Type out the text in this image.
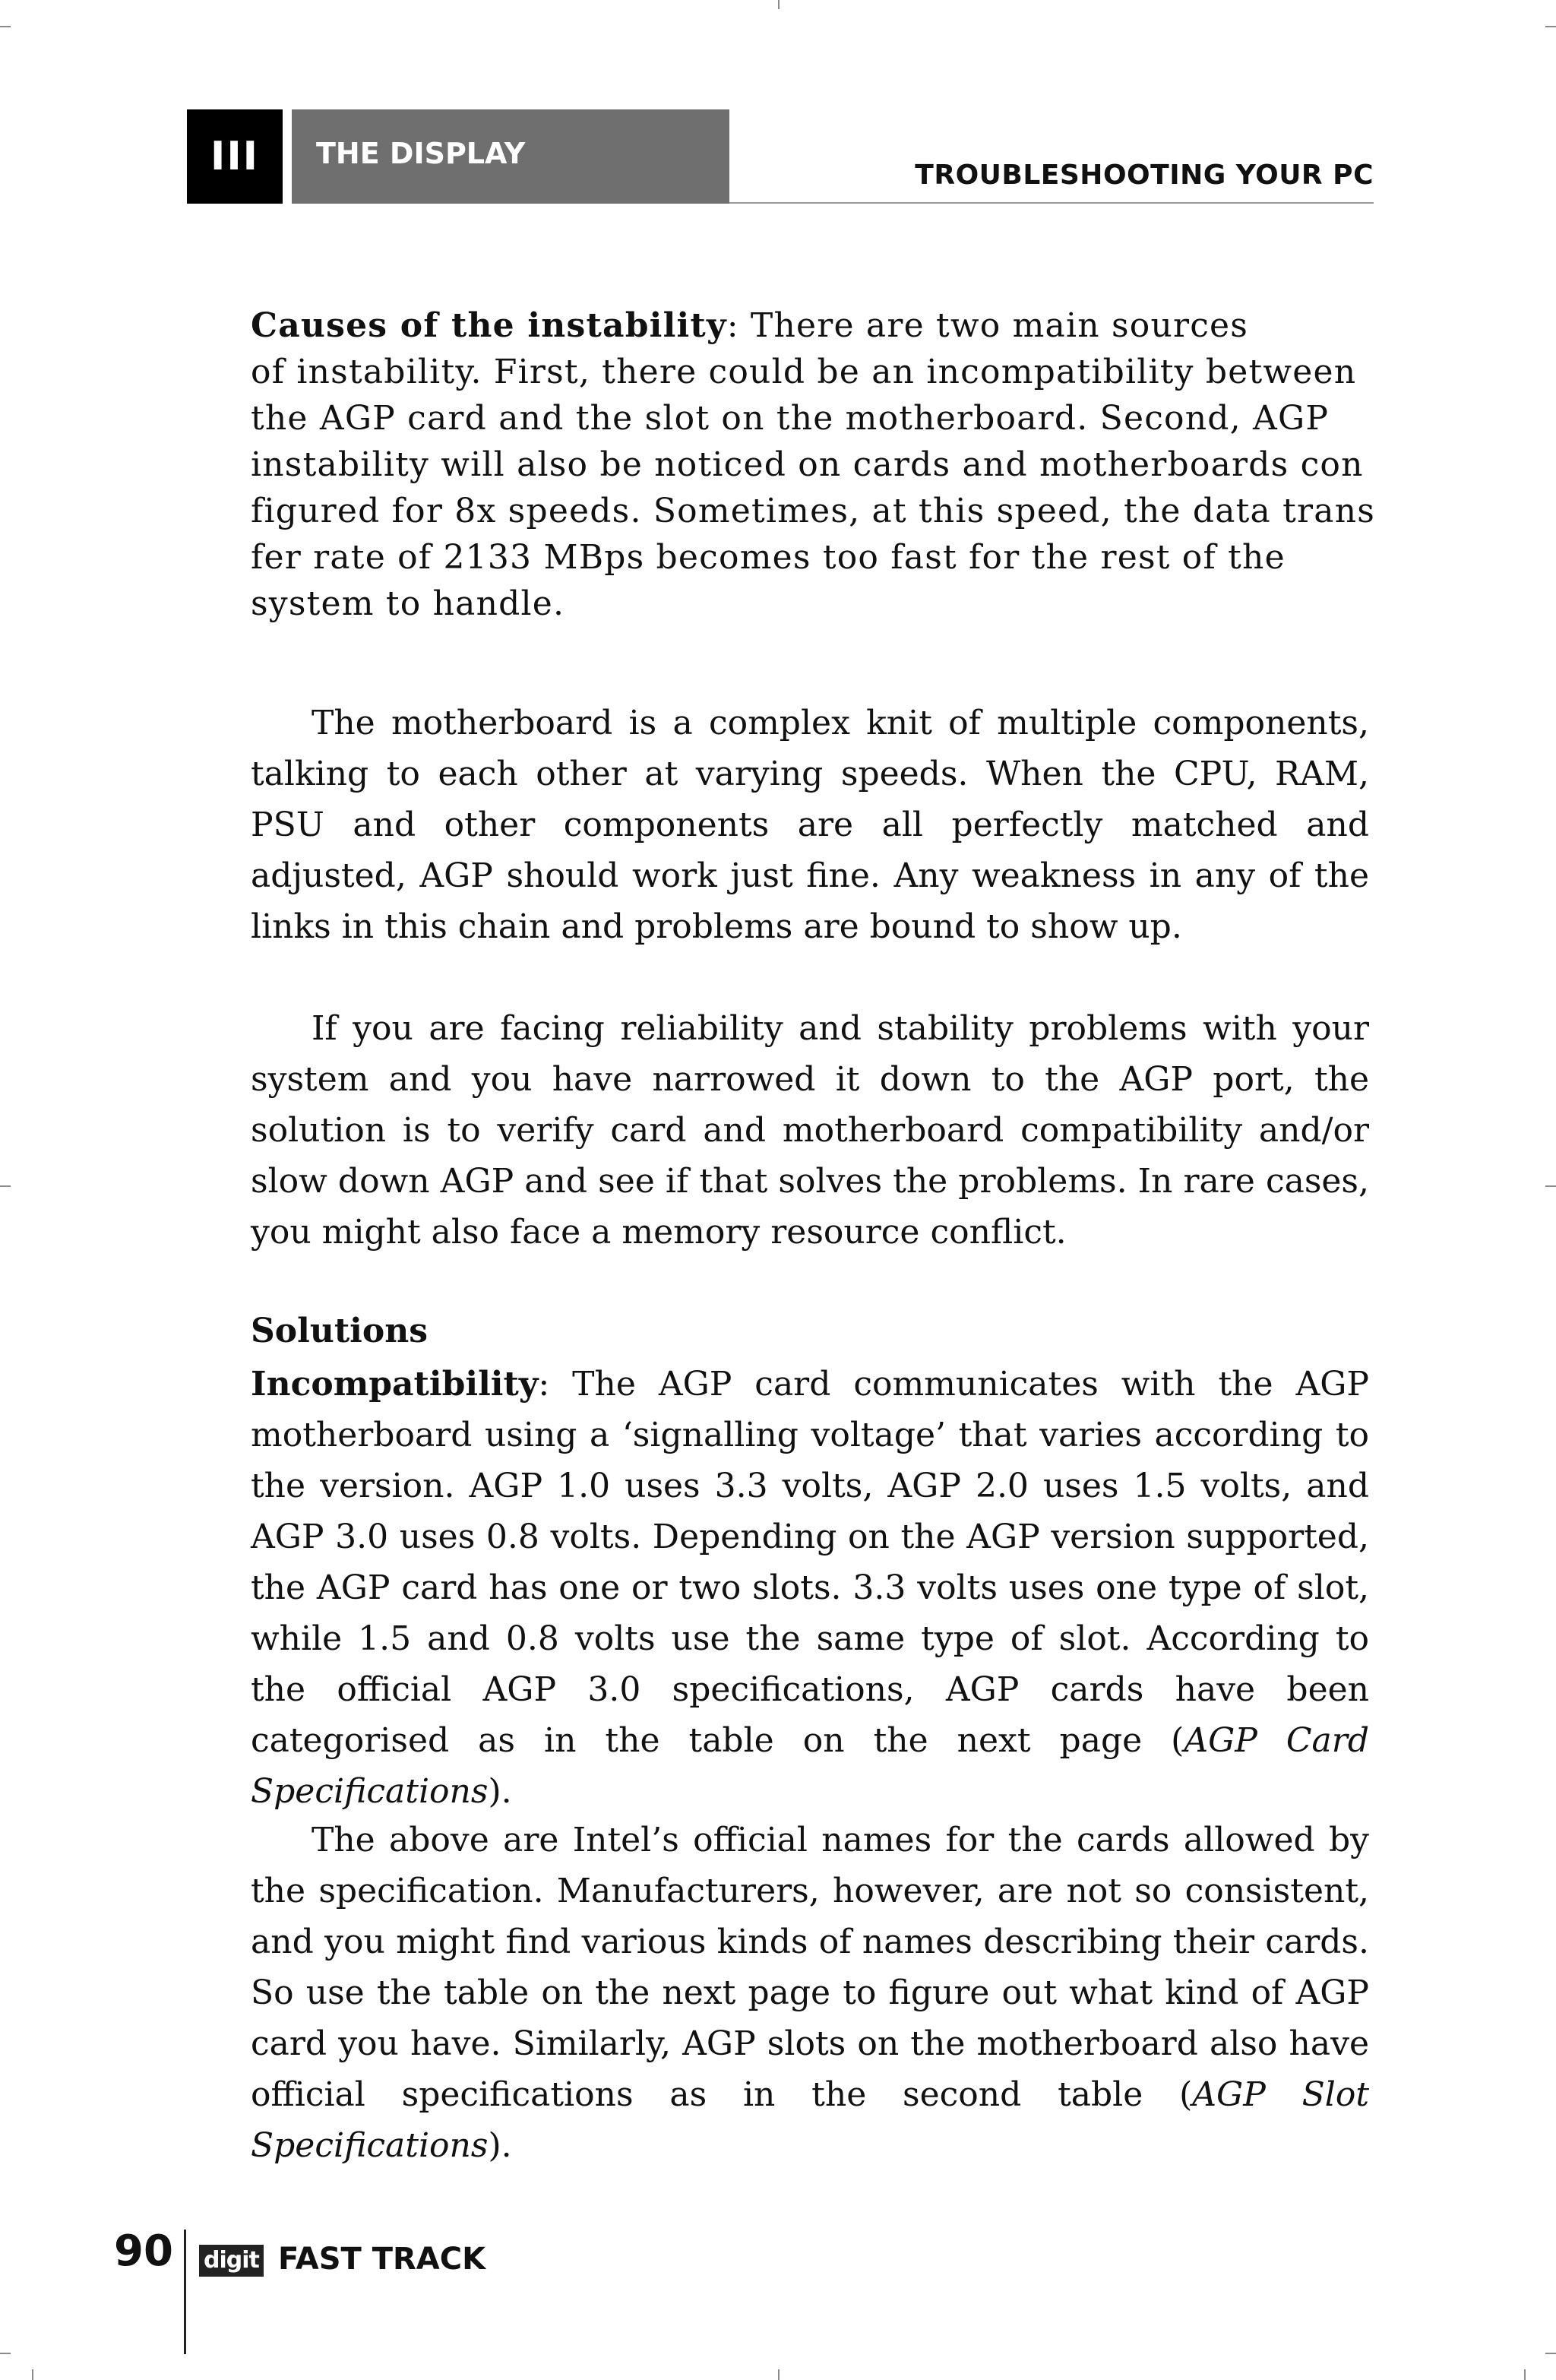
III	THE DISPLAY
TROUBLESHOOTING YOUR PC
Causes of the instability: There are two main sources
of instability. First, there could be an incompatibility between
the AGP card and the slot on the motherboard. Second, AGP
instability will also be noticed on cards and motherboards con
figured for 8x speeds. Sometimes, at this speed, the data trans
fer rate of 2133 MBps becomes too fast for the rest of the
system to handle.
The motherboard is a complex knit of multiple components, talking to each other at varying speeds. When the CPU, RAM, PSU and other components are all perfectly matched and adjusted, AGP should work just fine. Any weakness in any of the links in this chain and problems are bound to show up.
If you are facing reliability and stability problems with your system and you have narrowed it down to the AGP port, the solution is to verify card and motherboard compatibility and/or slow down AGP and see if that solves the problems. In rare cases, you might also face a memory resource conflict.
Solutions
Incompatibility: The AGP card communicates with the AGP motherboard using a ‘signalling voltage’ that varies according to the version. AGP 1.0 uses 3.3 volts, AGP 2.0 uses 1.5 volts, and AGP 3.0 uses 0.8 volts. Depending on the AGP version supported, the AGP card has one or two slots. 3.3 volts uses one type of slot, while 1.5 and 0.8 volts use the same type of slot. According to the official AGP 3.0 specifications, AGP cards have been categorised as in the table on the next page (AGP Card Specifications).
The above are Intel’s official names for the cards allowed by the specification. Manufacturers, however, are not so consistent, and you might find various kinds of names describing their cards. So use the table on the next page to figure out what kind of AGP card you have. Similarly, AGP slots on the motherboard also have official specifications as in the second table (AGP Slot Specifications).
90 digit FAST TRACK
